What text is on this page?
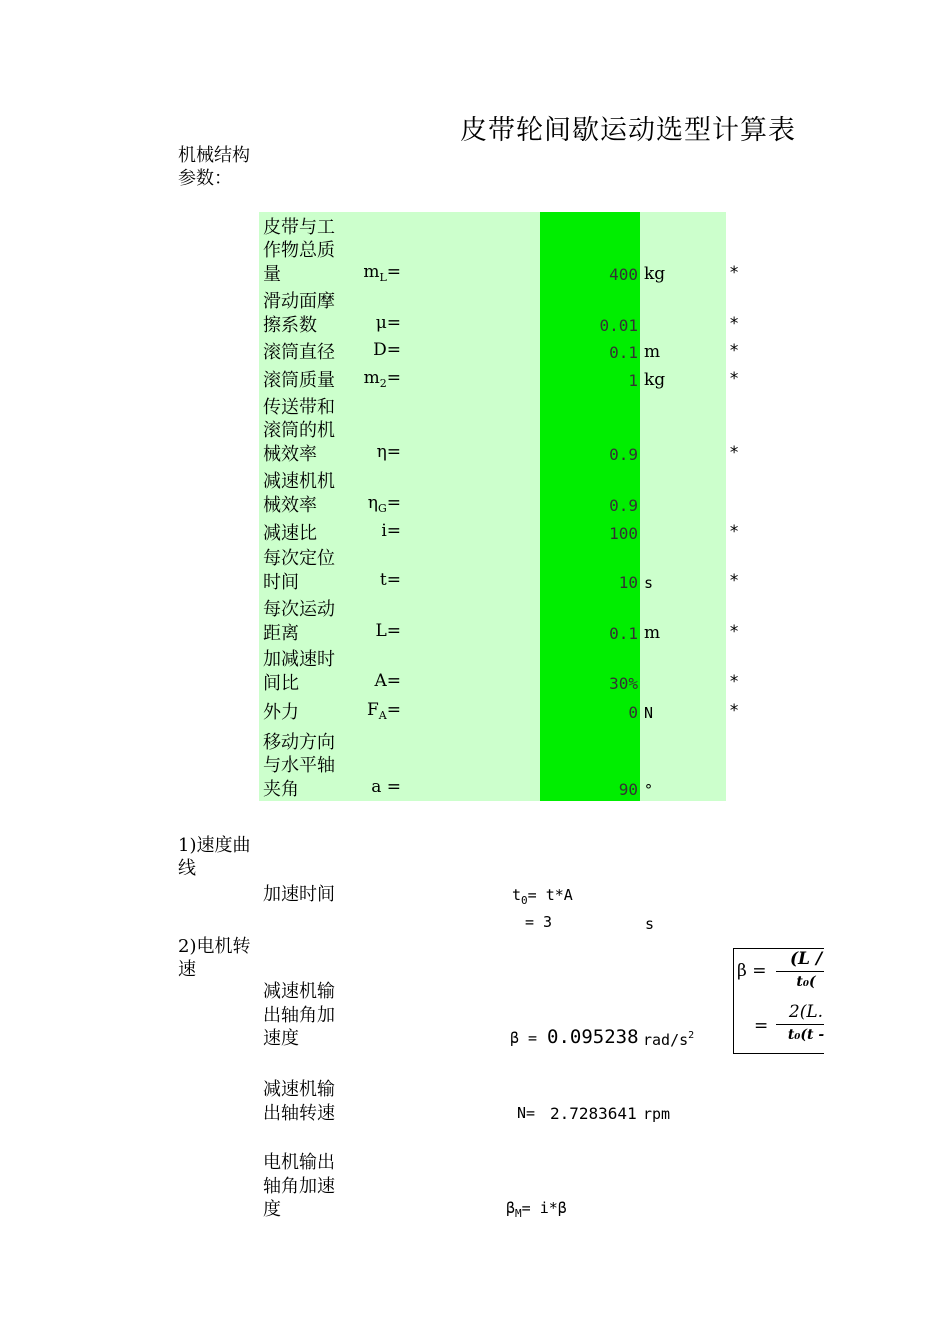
皮带轮间歇运动选型计算表
机械结构参数：
皮带与工作物总质量	$m_L=$	400 kg	*
滑动面摩擦系数	μ=	0.01	*
滚筒直径	D=	0.1 m	*
滚筒质量	$m_2=$	1 kg	*
传送带和滚筒的机械效率	η=	0.9	*
减速机机械效率	$\eta_G=$	0.9
减速比	i=	100	*
每次定位时间	t=	10 s	*
每次运动距离	L=	0.1 m	*
加减速时间比	A=	30%	*
外力	$F_A=$	0 N	*
移动方向与水平轴夹角	a =	90 °
1)速度曲线
加速时间	$t_0= t*A$
= 3	s
2)电机转速
减速机输出轴角加速度	β = 0.095238 rad/$s^2$
β =
(L /
t₀(
=
2(L.
t₀(t -
减速机输出轴转速	N= 2.7283641 rpm
电机输出轴角加速度	$\beta_M= i*\beta$
